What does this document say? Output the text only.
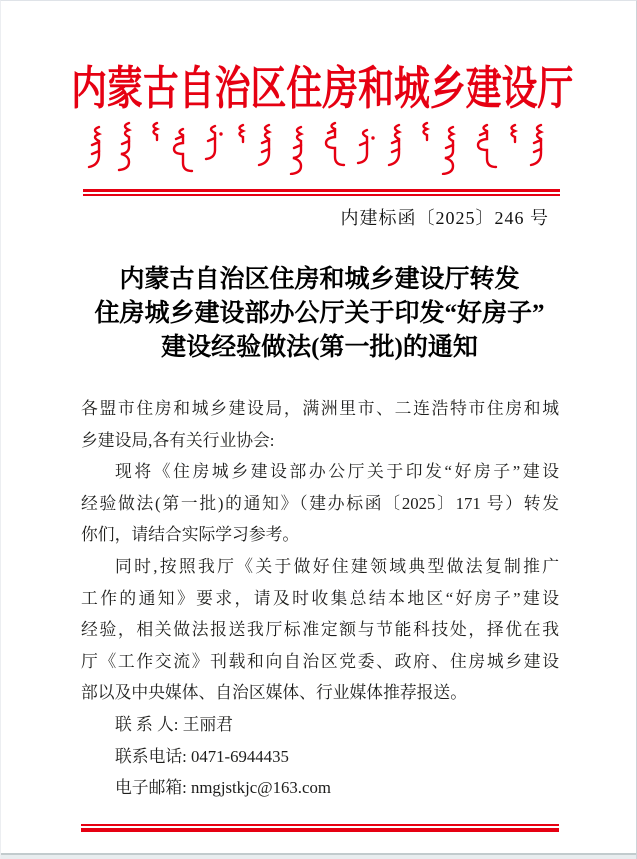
内蒙古自治区住房和城乡建设厅
内建标函〔2025〕246 号
内蒙古自治区住房和城乡建设厅转发
住房城乡建设部办公厅关于印发“好房子”
建设经验做法(第一批)的通知
各盟市住房和城乡建设局，满洲里市、二连浩特市住房和城
乡建设局,各有关行业协会:
现将《住房城乡建设部办公厅关于印发“好房子”建设
经验做法(第一批)的通知》（建办标函〔2025〕171 号）转发
你们，请结合实际学习参考。
同时,按照我厅《关于做好住建领域典型做法复制推广
工作的通知》要求，请及时收集总结本地区“好房子”建设
经验，相关做法报送我厅标准定额与节能科技处，择优在我
厅《工作交流》刊载和向自治区党委、政府、住房城乡建设
部以及中央媒体、自治区媒体、行业媒体推荐报送。
联 系 人: 王丽君
联系电话: 0471-6944435
电子邮箱: nmgjstkjc@163.com
